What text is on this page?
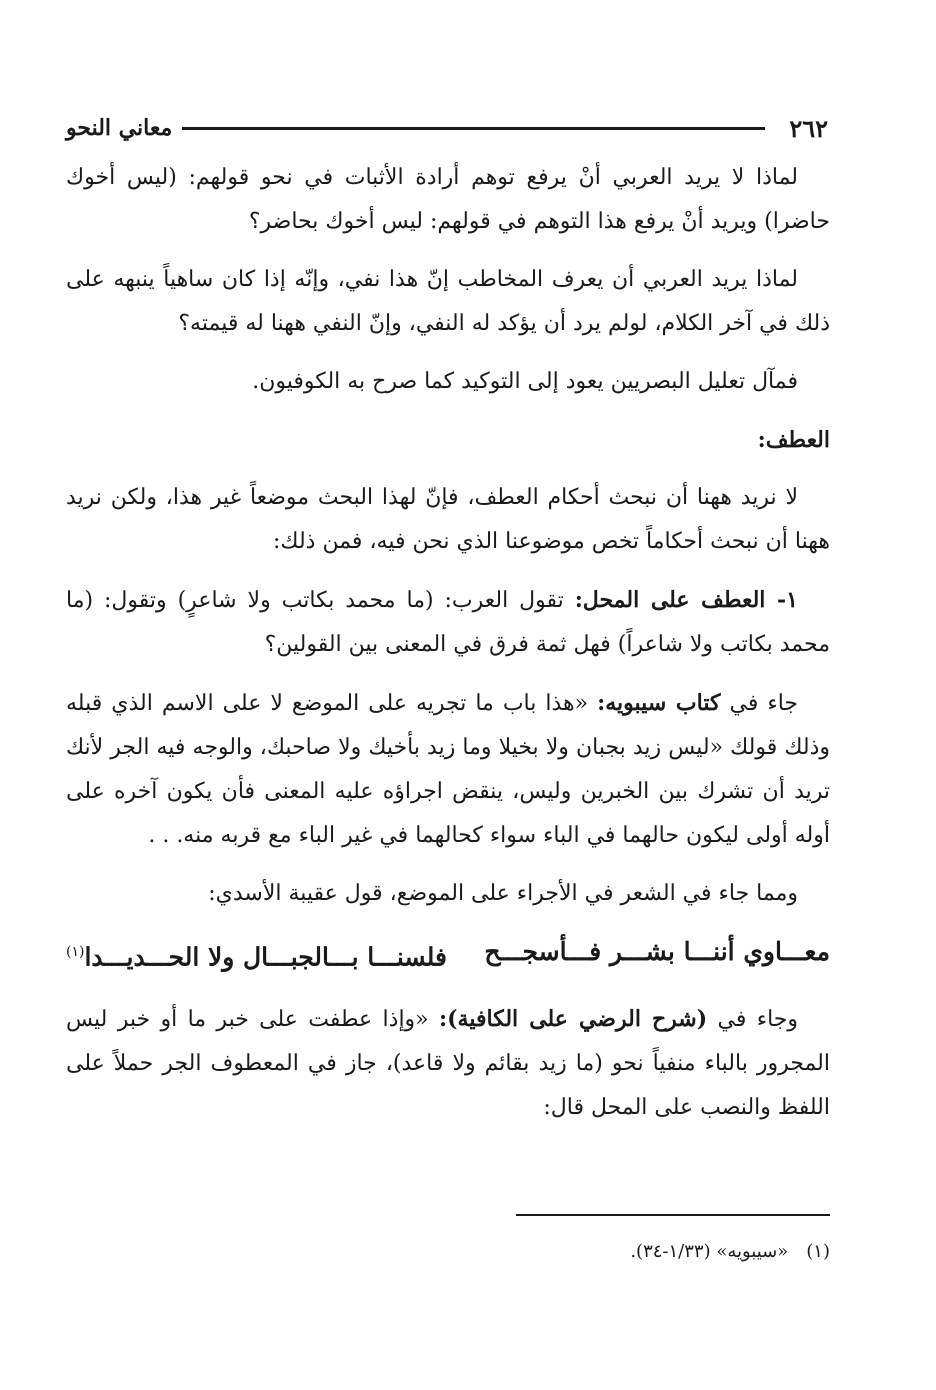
٢٦٢
معاني النحو

لماذا لا يريد العربي أنْ يرفع توهم أرادة الأثبات في نحو قولهم: (ليس أخوك حاضرا) ويريد أنْ يرفع هذا التوهم في قولهم: ليس أخوك بحاضر؟

لماذا يريد العربي أن يعرف المخاطب إنّ هذا نفي، وإنّه إذا كان ساهياً ينبهه على ذلك في آخر الكلام، لولم يرد أن يؤكد له النفي، وإنّ النفي ههنا له قيمته؟

فمآل تعليل البصريين يعود إلى التوكيد كما صرح به الكوفيون.

العطف:

لا نريد ههنا أن نبحث أحكام العطف، فإنّ لهذا البحث موضعاً غير هذا، ولكن نريد ههنا أن نبحث أحكاماً تخص موضوعنا الذي نحن فيه، فمن ذلك:

١- العطف على المحل: تقول العرب: (ما محمد بكاتب ولا شاعرٍ) وتقول: (ما محمد بكاتب ولا شاعراً) فهل ثمة فرق في المعنى بين القولين؟

جاء في كتاب سيبويه: «هذا باب ما تجريه على الموضع لا على الاسم الذي قبله وذلك قولك «ليس زيد بجبان ولا بخيلا وما زيد بأخيك ولا صاحبك، والوجه فيه الجر لأنك تريد أن تشرك بين الخبرين وليس، ينقض اجراؤه عليه المعنى فأن يكون آخره على أوله أولى ليكون حالهما في الباء سواء كحالهما في غير الباء مع قربه منه. . .

ومما جاء في الشعر في الأجراء على الموضع، قول عقيبة الأسدي:

معـــاوي أننـــا بشـــر فـــأسجـــح
فلسنـــا بـــالجبـــال ولا الحـــديـــدا$^{(١)}$

وجاء في (شرح الرضي على الكافية): «وإذا عطفت على خبر ما أو خبر ليس المجرور بالباء منفياً نحو (ما زيد بقائم ولا قاعد)، جاز في المعطوف الجر حملاً على اللفظ والنصب على المحل قال:

(١)«سيبويه» (١/٣٣-٣٤).
